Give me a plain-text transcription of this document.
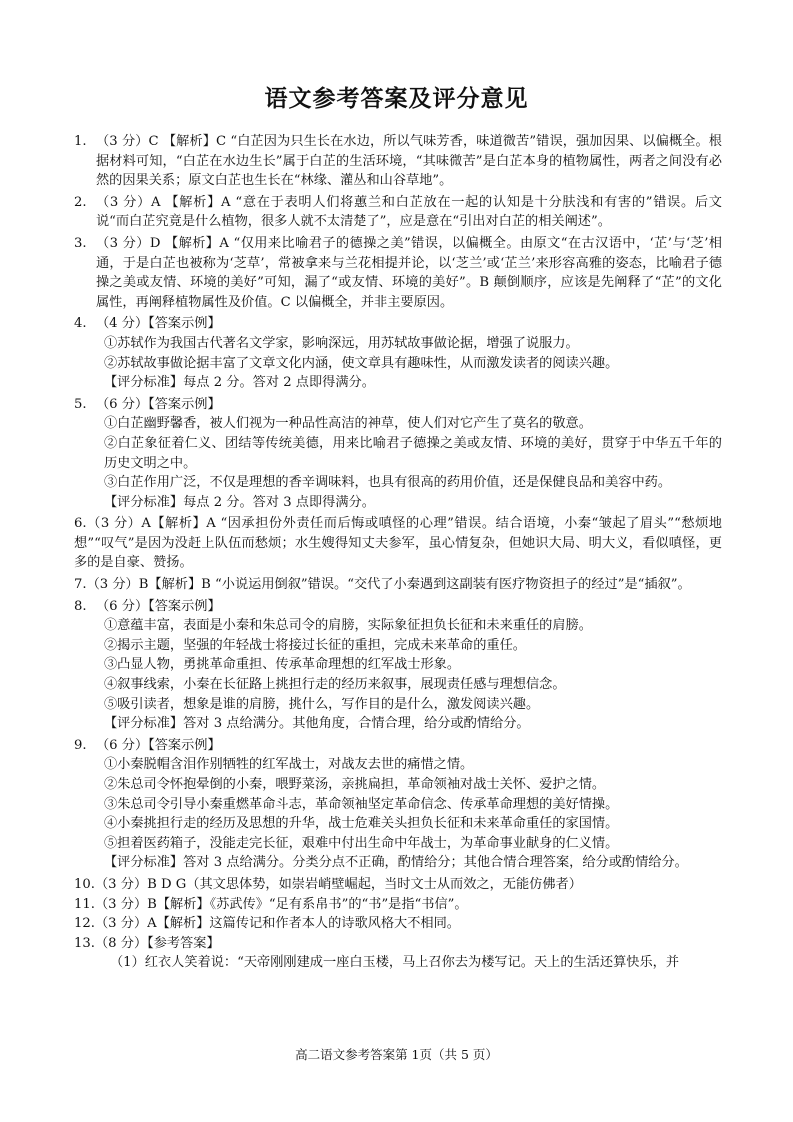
语文参考答案及评分意见
1. （3 分）C 【解析】C “白芷因为只生长在水边，所以气味芳香，味道微苦”错误，强加因果、以偏概全。根据材料可知，“白芷在水边生长”属于白芷的生活环境，“其味微苦”是白芷本身的植物属性，两者之间没有必然的因果关系；原文白芷也生长在“林缘、灌丛和山谷草地”。
2. （3 分）A 【解析】A “意在于表明人们将蕙兰和白芷放在一起的认知是十分肤浅和有害的”错误。后文说“而白芷究竟是什么植物，很多人就不太清楚了”，应是意在“引出对白芷的相关阐述”。
3. （3 分）D 【解析】A “仅用来比喻君子的德操之美”错误，以偏概全。由原文“在古汉语中，‘芷’与‘芝’相通，于是白芷也被称为‘芝草’，常被拿来与兰花相提并论，以‘芝兰’或‘芷兰’来形容高雅的姿态，比喻君子德操之美或友情、环境的美好”可知，漏了“或友情、环境的美好”。B 颠倒顺序，应该是先阐释了“芷”的文化属性，再阐释植物属性及价值。C 以偏概全，并非主要原因。
4. （4 分）【答案示例】
①苏轼作为我国古代著名文学家，影响深远，用苏轼故事做论据，增强了说服力。
②苏轼故事做论据丰富了文章文化内涵，使文章具有趣味性，从而激发读者的阅读兴趣。
【评分标准】每点 2 分。答对 2 点即得满分。
5. （6 分）【答案示例】
①白芷幽野馨香，被人们视为一种品性高洁的神草，使人们对它产生了莫名的敬意。
②白芷象征着仁义、团结等传统美德，用来比喻君子德操之美或友情、环境的美好，贯穿于中华五千年的历史文明之中。
③白芷作用广泛，不仅是理想的香辛调味料，也具有很高的药用价值，还是保健良品和美容中药。
【评分标准】每点 2 分。答对 3 点即得满分。
6.（3 分）A【解析】A “因承担份外责任而后悔或嗔怪的心理”错误。结合语境，小秦“皱起了眉头”“愁烦地想”“叹气”是因为没赶上队伍而愁烦；水生嫂得知丈夫参军，虽心情复杂，但她识大局、明大义，看似嗔怪，更多的是自豪、赞扬。
7.（3 分）B【解析】B “小说运用倒叙”错误。“交代了小秦遇到这副装有医疗物资担子的经过”是“插叙”。
8. （6 分）【答案示例】
①意蕴丰富，表面是小秦和朱总司令的肩膀，实际象征担负长征和未来重任的肩膀。
②揭示主题，坚强的年轻战士将接过长征的重担，完成未来革命的重任。
③凸显人物，勇挑革命重担、传承革命理想的红军战士形象。
④叙事线索，小秦在长征路上挑担行走的经历来叙事，展现责任感与理想信念。
⑤吸引读者，想象是谁的肩膀，挑什么，写作目的是什么，激发阅读兴趣。
【评分标准】答对 3 点给满分。其他角度，合情合理，给分或酌情给分。
9. （6 分）【答案示例】
①小秦脱帽含泪作别牺牲的红军战士，对战友去世的痛惜之情。
②朱总司令怀抱晕倒的小秦，喂野菜汤，亲挑扁担，革命领袖对战士关怀、爱护之情。
③朱总司令引导小秦重燃革命斗志，革命领袖坚定革命信念、传承革命理想的美好情操。
④小秦挑担行走的经历及思想的升华，战士危难关头担负长征和未来革命重任的家国情。
⑤担着医药箱子，没能走完长征，艰难中付出生命中年战士，为革命事业献身的仁义情。
【评分标准】答对 3 点给满分。分类分点不正确，酌情给分；其他合情合理答案，给分或酌情给分。
10.（3 分）B D G（其文思体势，如崇岩峭壁崛起，当时文士从而效之，无能仿佛者）
11.（3 分）B【解析】《苏武传》“足有系帛书”的“书”是指“书信”。
12.（3 分）A【解析】这篇传记和作者本人的诗歌风格大不相同。
13.（8 分）【参考答案】
（1）红衣人笑着说：“天帝刚刚建成一座白玉楼，马上召你去为楼写记。天上的生活还算快乐，并
高二语文参考答案第 1页（共 5 页）
